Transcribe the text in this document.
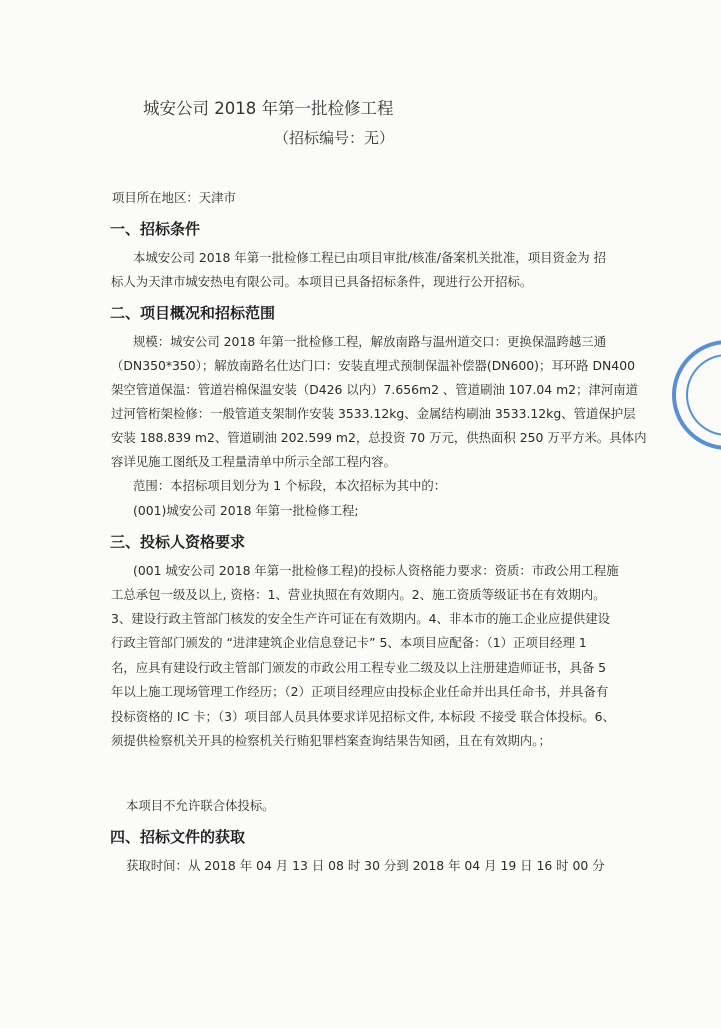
城安公司 2018 年第一批检修工程
（招标编号：无）
项目所在地区：天津市
一、招标条件
本城安公司 2018 年第一批检修工程已由项目审批/核准/备案机关批准，项目资金为 招
标人为天津市城安热电有限公司。本项目已具备招标条件，现进行公开招标。
二、项目概况和招标范围
规模：城安公司 2018 年第一批检修工程，解放南路与温州道交口：更换保温跨越三通
（DN350*350）；解放南路名仕达门口：安装直埋式预制保温补偿器(DN600)；耳环路 DN400
架空管道保温：管道岩棉保温安装（D426 以内）7.656m2 、管道刷油 107.04 m2；津河南道
过河管桁架检修：一般管道支架制作安装 3533.12kg、金属结构刷油 3533.12kg、管道保护层
安装 188.839 m2、管道刷油 202.599 m2，总投资 70 万元，供热面积 250 万平方米。具体内
容详见施工图纸及工程量清单中所示全部工程内容。
范围：本招标项目划分为 1 个标段，本次招标为其中的：
(001)城安公司 2018 年第一批检修工程;
三、投标人资格要求
(001 城安公司 2018 年第一批检修工程)的投标人资格能力要求：资质：市政公用工程施
工总承包一级及以上, 资格：1、营业执照在有效期内。2、施工资质等级证书在有效期内。
3、建设行政主管部门核发的安全生产许可证在有效期内。4、非本市的施工企业应提供建设
行政主管部门颁发的 “进津建筑企业信息登记卡” 5、本项目应配备：（1）正项目经理 1
名，应具有建设行政主管部门颁发的市政公用工程专业二级及以上注册建造师证书，具备 5
年以上施工现场管理工作经历；（2）正项目经理应由投标企业任命并出具任命书，并具备有
投标资格的 IC 卡；（3）项目部人员具体要求详见招标文件, 本标段 不接受 联合体投标。6、
须提供检察机关开具的检察机关行贿犯罪档案查询结果告知函，且在有效期内。；
本项目不允许联合体投标。
四、招标文件的获取
获取时间：从 2018 年 04 月 13 日 08 时 30 分到 2018 年 04 月 19 日 16 时 00 分
